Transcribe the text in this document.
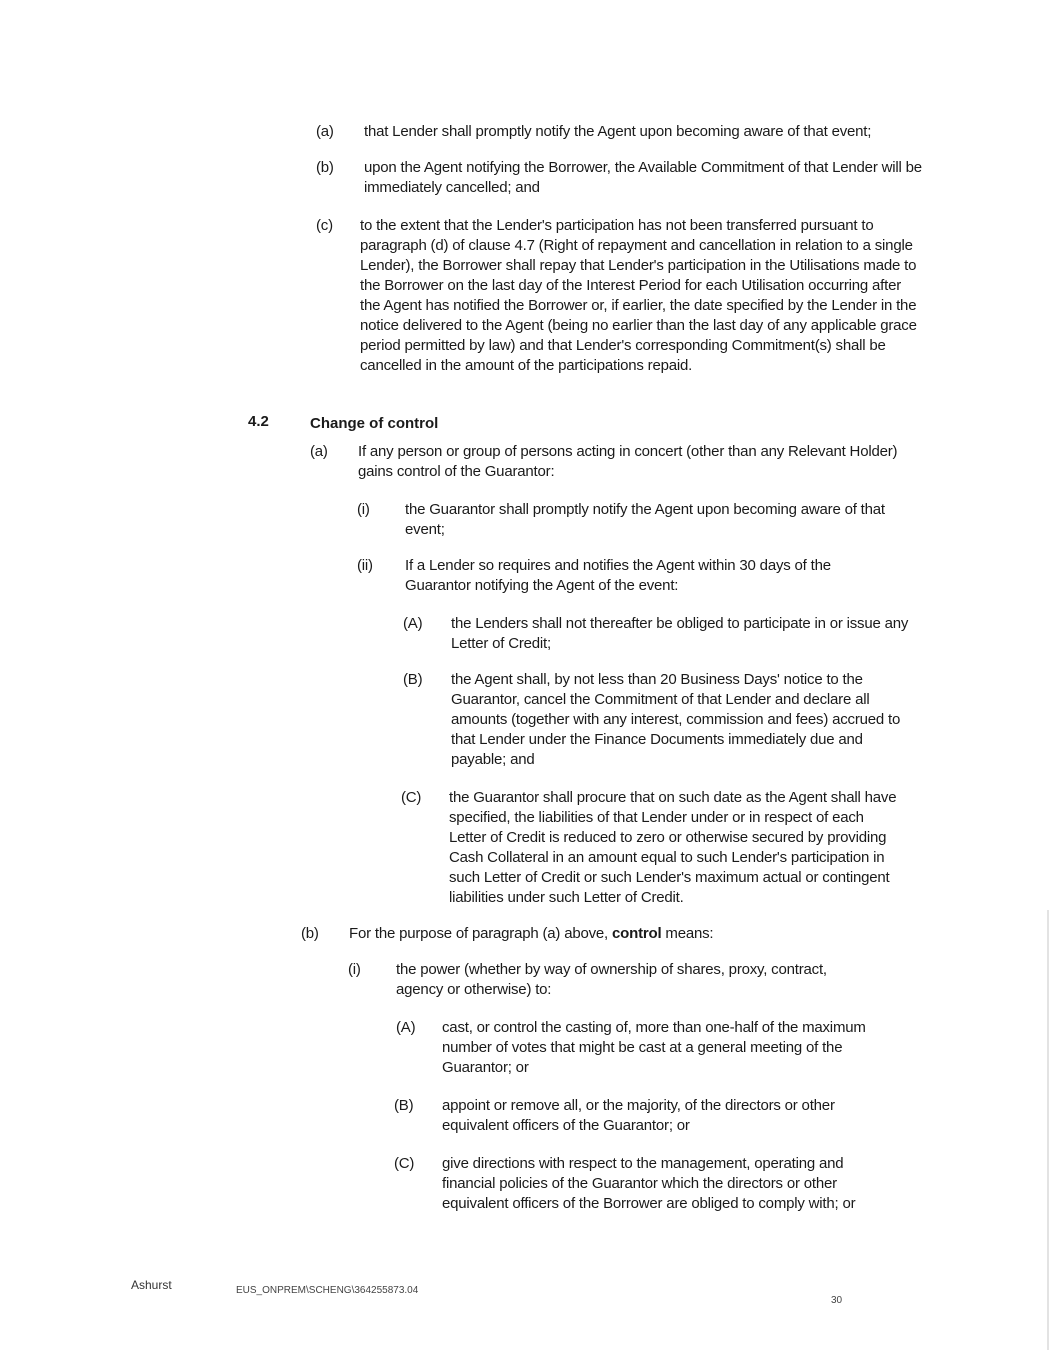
(a) that Lender shall promptly notify the Agent upon becoming aware of that event;
(b) upon the Agent notifying the Borrower, the Available Commitment of that Lender will be immediately cancelled; and
(c) to the extent that the Lender's participation has not been transferred pursuant to paragraph (d) of clause 4.7 (Right of repayment and cancellation in relation to a single Lender), the Borrower shall repay that Lender's participation in the Utilisations made to the Borrower on the last day of the Interest Period for each Utilisation occurring after the Agent has notified the Borrower or, if earlier, the date specified by the Lender in the notice delivered to the Agent (being no earlier than the last day of any applicable grace period permitted by law) and that Lender's corresponding Commitment(s) shall be cancelled in the amount of the participations repaid.
4.2	Change of control
(a) If any person or group of persons acting in concert (other than any Relevant Holder) gains control of the Guarantor:
(i) the Guarantor shall promptly notify the Agent upon becoming aware of that event;
(ii) If a Lender so requires and notifies the Agent within 30 days of the Guarantor notifying the Agent of the event:
(A) the Lenders shall not thereafter be obliged to participate in or issue any Letter of Credit;
(B) the Agent shall, by not less than 20 Business Days' notice to the Guarantor, cancel the Commitment of that Lender and declare all amounts (together with any interest, commission and fees) accrued to that Lender under the Finance Documents immediately due and payable; and
(C) the Guarantor shall procure that on such date as the Agent shall have specified, the liabilities of that Lender under or in respect of each Letter of Credit is reduced to zero or otherwise secured by providing Cash Collateral in an amount equal to such Lender's participation in such Letter of Credit or such Lender's maximum actual or contingent liabilities under such Letter of Credit.
(b) For the purpose of paragraph (a) above, control means:
(i) the power (whether by way of ownership of shares, proxy, contract, agency or otherwise) to:
(A) cast, or control the casting of, more than one-half of the maximum number of votes that might be cast at a general meeting of the Guarantor; or
(B) appoint or remove all, or the majority, of the directors or other equivalent officers of the Guarantor; or
(C) give directions with respect to the management, operating and financial policies of the Guarantor which the directors or other equivalent officers of the Borrower are obliged to comply with; or
Ashurst	EUS_ONPREM\SCHENG\364255873.04
30
